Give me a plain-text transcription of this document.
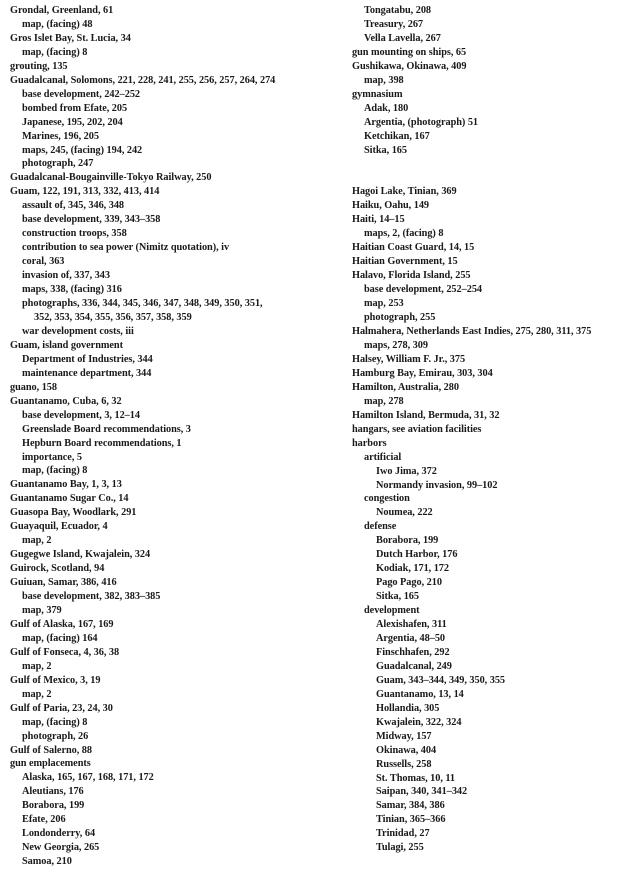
Grondal, Greenland, 61
map, (facing) 48
Gros Islet Bay, St. Lucia, 34
map, (facing) 8
grouting, 135
Guadalcanal, Solomons, 221, 228, 241, 255, 256, 257, 264, 274
base development, 242–252
bombed from Efate, 205
Japanese, 195, 202, 204
Marines, 196, 205
maps, 245, (facing) 194, 242
photograph, 247
Guadalcanal-Bougainville-Tokyo Railway, 250
Guam, 122, 191, 313, 332, 413, 414
assault of, 345, 346, 348
base development, 339, 343–358
construction troops, 358
contribution to sea power (Nimitz quotation), iv
coral, 363
invasion of, 337, 343
maps, 338, (facing) 316
photographs, 336, 344, 345, 346, 347, 348, 349, 350, 351,
352, 353, 354, 355, 356, 357, 358, 359
war development costs, iii
Guam, island government
Department of Industries, 344
maintenance department, 344
guano, 158
Guantanamo, Cuba, 6, 32
base development, 3, 12–14
Greenslade Board recommendations, 3
Hepburn Board recommendations, 1
importance, 5
map, (facing) 8
Guantanamo Bay, 1, 3, 13
Guantanamo Sugar Co., 14
Guasopa Bay, Woodlark, 291
Guayaquil, Ecuador, 4
map, 2
Gugegwe Island, Kwajalein, 324
Guirock, Scotland, 94
Guiuan, Samar, 386, 416
base development, 382, 383–385
map, 379
Gulf of Alaska, 167, 169
map, (facing) 164
Gulf of Fonseca, 4, 36, 38
map, 2
Gulf of Mexico, 3, 19
map, 2
Gulf of Paria, 23, 24, 30
map, (facing) 8
photograph, 26
Gulf of Salerno, 88
gun emplacements
Alaska, 165, 167, 168, 171, 172
Aleutians, 176
Borabora, 199
Efate, 206
Londonderry, 64
New Georgia, 265
Samoa, 210
Tongatabu, 208
Treasury, 267
Vella Lavella, 267
gun mounting on ships, 65
Gushikawa, Okinawa, 409
map, 398
gymnasium
Adak, 180
Argentia, (photograph) 51
Ketchikan, 167
Sitka, 165
Hagoi Lake, Tinian, 369
Haiku, Oahu, 149
Haiti, 14–15
maps, 2, (facing) 8
Haitian Coast Guard, 14, 15
Haitian Government, 15
Halavo, Florida Island, 255
base development, 252–254
map, 253
photograph, 255
Halmahera, Netherlands East Indies, 275, 280, 311, 375
maps, 278, 309
Halsey, William F. Jr., 375
Hamburg Bay, Emirau, 303, 304
Hamilton, Australia, 280
map, 278
Hamilton Island, Bermuda, 31, 32
hangars, see aviation facilities
harbors
artificial
Iwo Jima, 372
Normandy invasion, 99–102
congestion
Noumea, 222
defense
Borabora, 199
Dutch Harbor, 176
Kodiak, 171, 172
Pago Pago, 210
Sitka, 165
development
Alexishafen, 311
Argentia, 48–50
Finschhafen, 292
Guadalcanal, 249
Guam, 343–344, 349, 350, 355
Guantanamo, 13, 14
Hollandia, 305
Kwajalein, 322, 324
Midway, 157
Okinawa, 404
Russells, 258
St. Thomas, 10, 11
Saipan, 340, 341–342
Samar, 384, 386
Tinian, 365–366
Trinidad, 27
Tulagi, 255
